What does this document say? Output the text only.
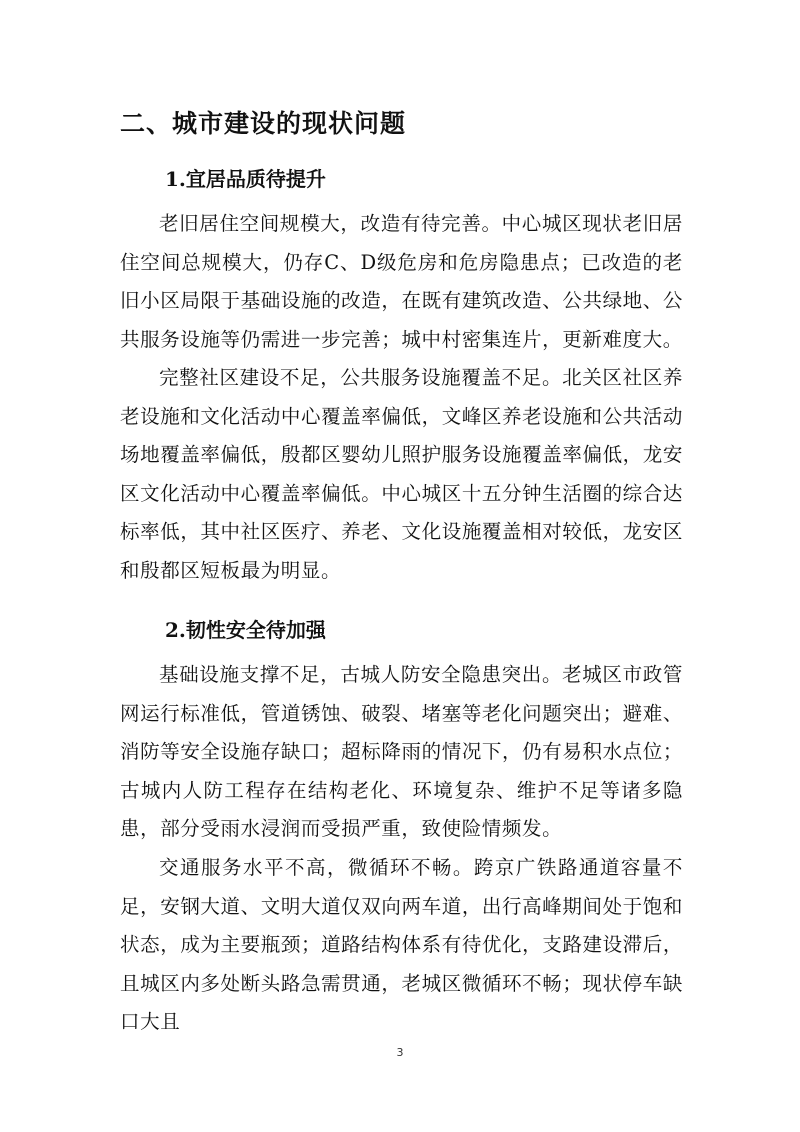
二、城市建设的现状问题
1.宜居品质待提升
老旧居住空间规模大，改造有待完善。中心城区现状老旧居住空间总规模大，仍存C、D级危房和危房隐患点；已改造的老旧小区局限于基础设施的改造，在既有建筑改造、公共绿地、公共服务设施等仍需进一步完善；城中村密集连片，更新难度大。
完整社区建设不足，公共服务设施覆盖不足。北关区社区养老设施和文化活动中心覆盖率偏低，文峰区养老设施和公共活动场地覆盖率偏低，殷都区婴幼儿照护服务设施覆盖率偏低，龙安区文化活动中心覆盖率偏低。中心城区十五分钟生活圈的综合达标率低，其中社区医疗、养老、文化设施覆盖相对较低，龙安区和殷都区短板最为明显。
2.韧性安全待加强
基础设施支撑不足，古城人防安全隐患突出。老城区市政管网运行标准低，管道锈蚀、破裂、堵塞等老化问题突出；避难、消防等安全设施存缺口；超标降雨的情况下，仍有易积水点位；古城内人防工程存在结构老化、环境复杂、维护不足等诸多隐患，部分受雨水浸润而受损严重，致使险情频发。
交通服务水平不高，微循环不畅。跨京广铁路通道容量不足，安钢大道、文明大道仅双向两车道，出行高峰期间处于饱和状态，成为主要瓶颈；道路结构体系有待优化，支路建设滞后，且城区内多处断头路急需贯通，老城区微循环不畅；现状停车缺口大且
3
